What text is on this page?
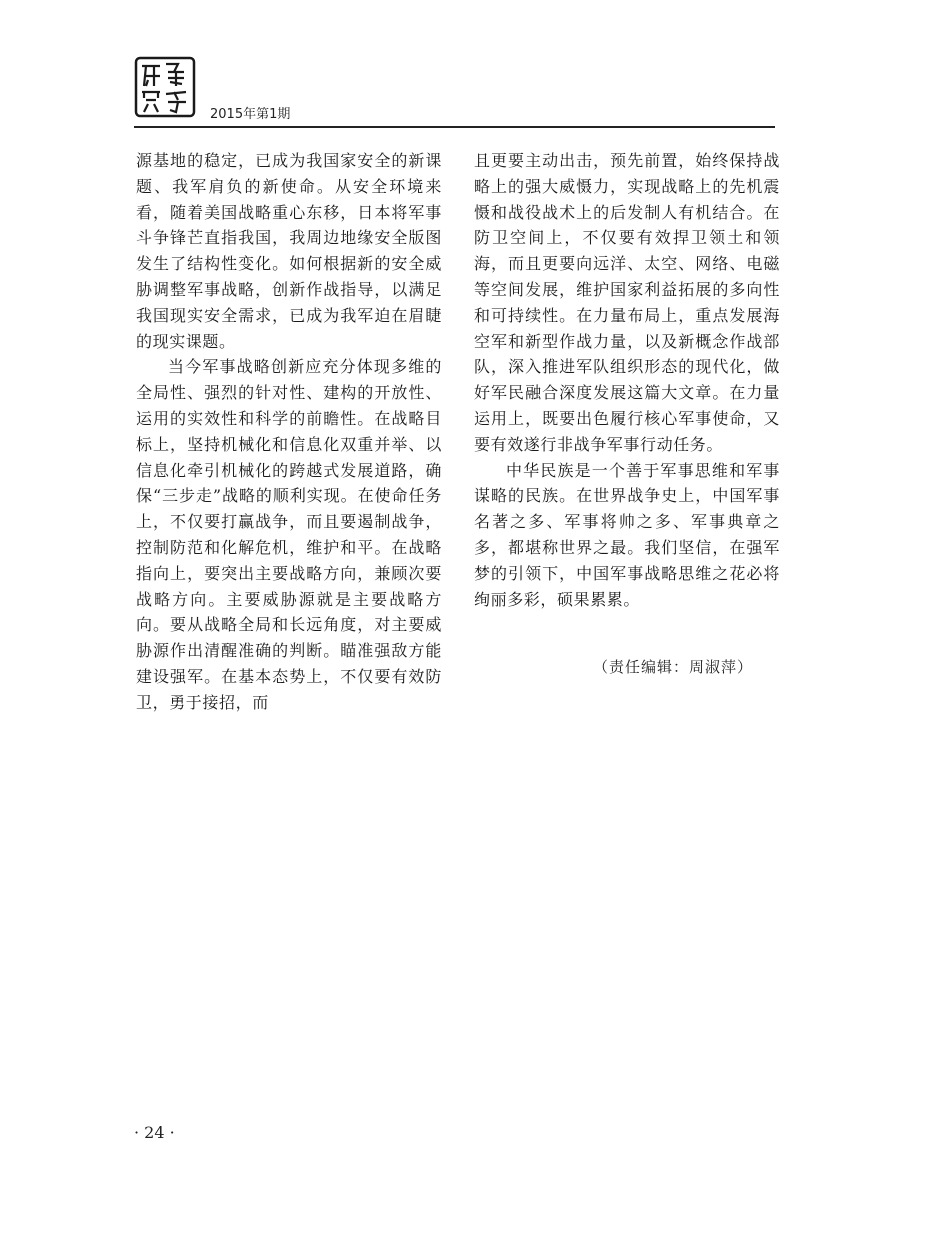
2015年第1期

源基地的稳定，已成为我国家安全的新课题、我军肩负的新使命。从安全环境来看，随着美国战略重心东移，日本将军事斗争锋芒直指我国，我周边地缘安全版图发生了结构性变化。如何根据新的安全威胁调整军事战略，创新作战指导，以满足我国现实安全需求，已成为我军迫在眉睫的现实课题。

当今军事战略创新应充分体现多维的全局性、强烈的针对性、建构的开放性、运用的实效性和科学的前瞻性。在战略目标上，坚持机械化和信息化双重并举、以信息化牵引机械化的跨越式发展道路，确保“三步走”战略的顺利实现。在使命任务上，不仅要打赢战争，而且要遏制战争，控制防范和化解危机，维护和平。在战略指向上，要突出主要战略方向，兼顾次要战略方向。主要威胁源就是主要战略方向。要从战略全局和长远角度，对主要威胁源作出清醒准确的判断。瞄准强敌方能建设强军。在基本态势上，不仅要有效防卫，勇于接招，而

且更要主动出击，预先前置，始终保持战略上的强大威慑力，实现战略上的先机震慑和战役战术上的后发制人有机结合。在防卫空间上，不仅要有效捍卫领土和领海，而且更要向远洋、太空、网络、电磁等空间发展，维护国家利益拓展的多向性和可持续性。在力量布局上，重点发展海空军和新型作战力量，以及新概念作战部队，深入推进军队组织形态的现代化，做好军民融合深度发展这篇大文章。在力量运用上，既要出色履行核心军事使命，又要有效遂行非战争军事行动任务。

中华民族是一个善于军事思维和军事谋略的民族。在世界战争史上，中国军事名著之多、军事将帅之多、军事典章之多，都堪称世界之最。我们坚信，在强军梦的引领下，中国军事战略思维之花必将绚丽多彩，硕果累累。

（责任编辑：周淑萍）
· 24 ·
